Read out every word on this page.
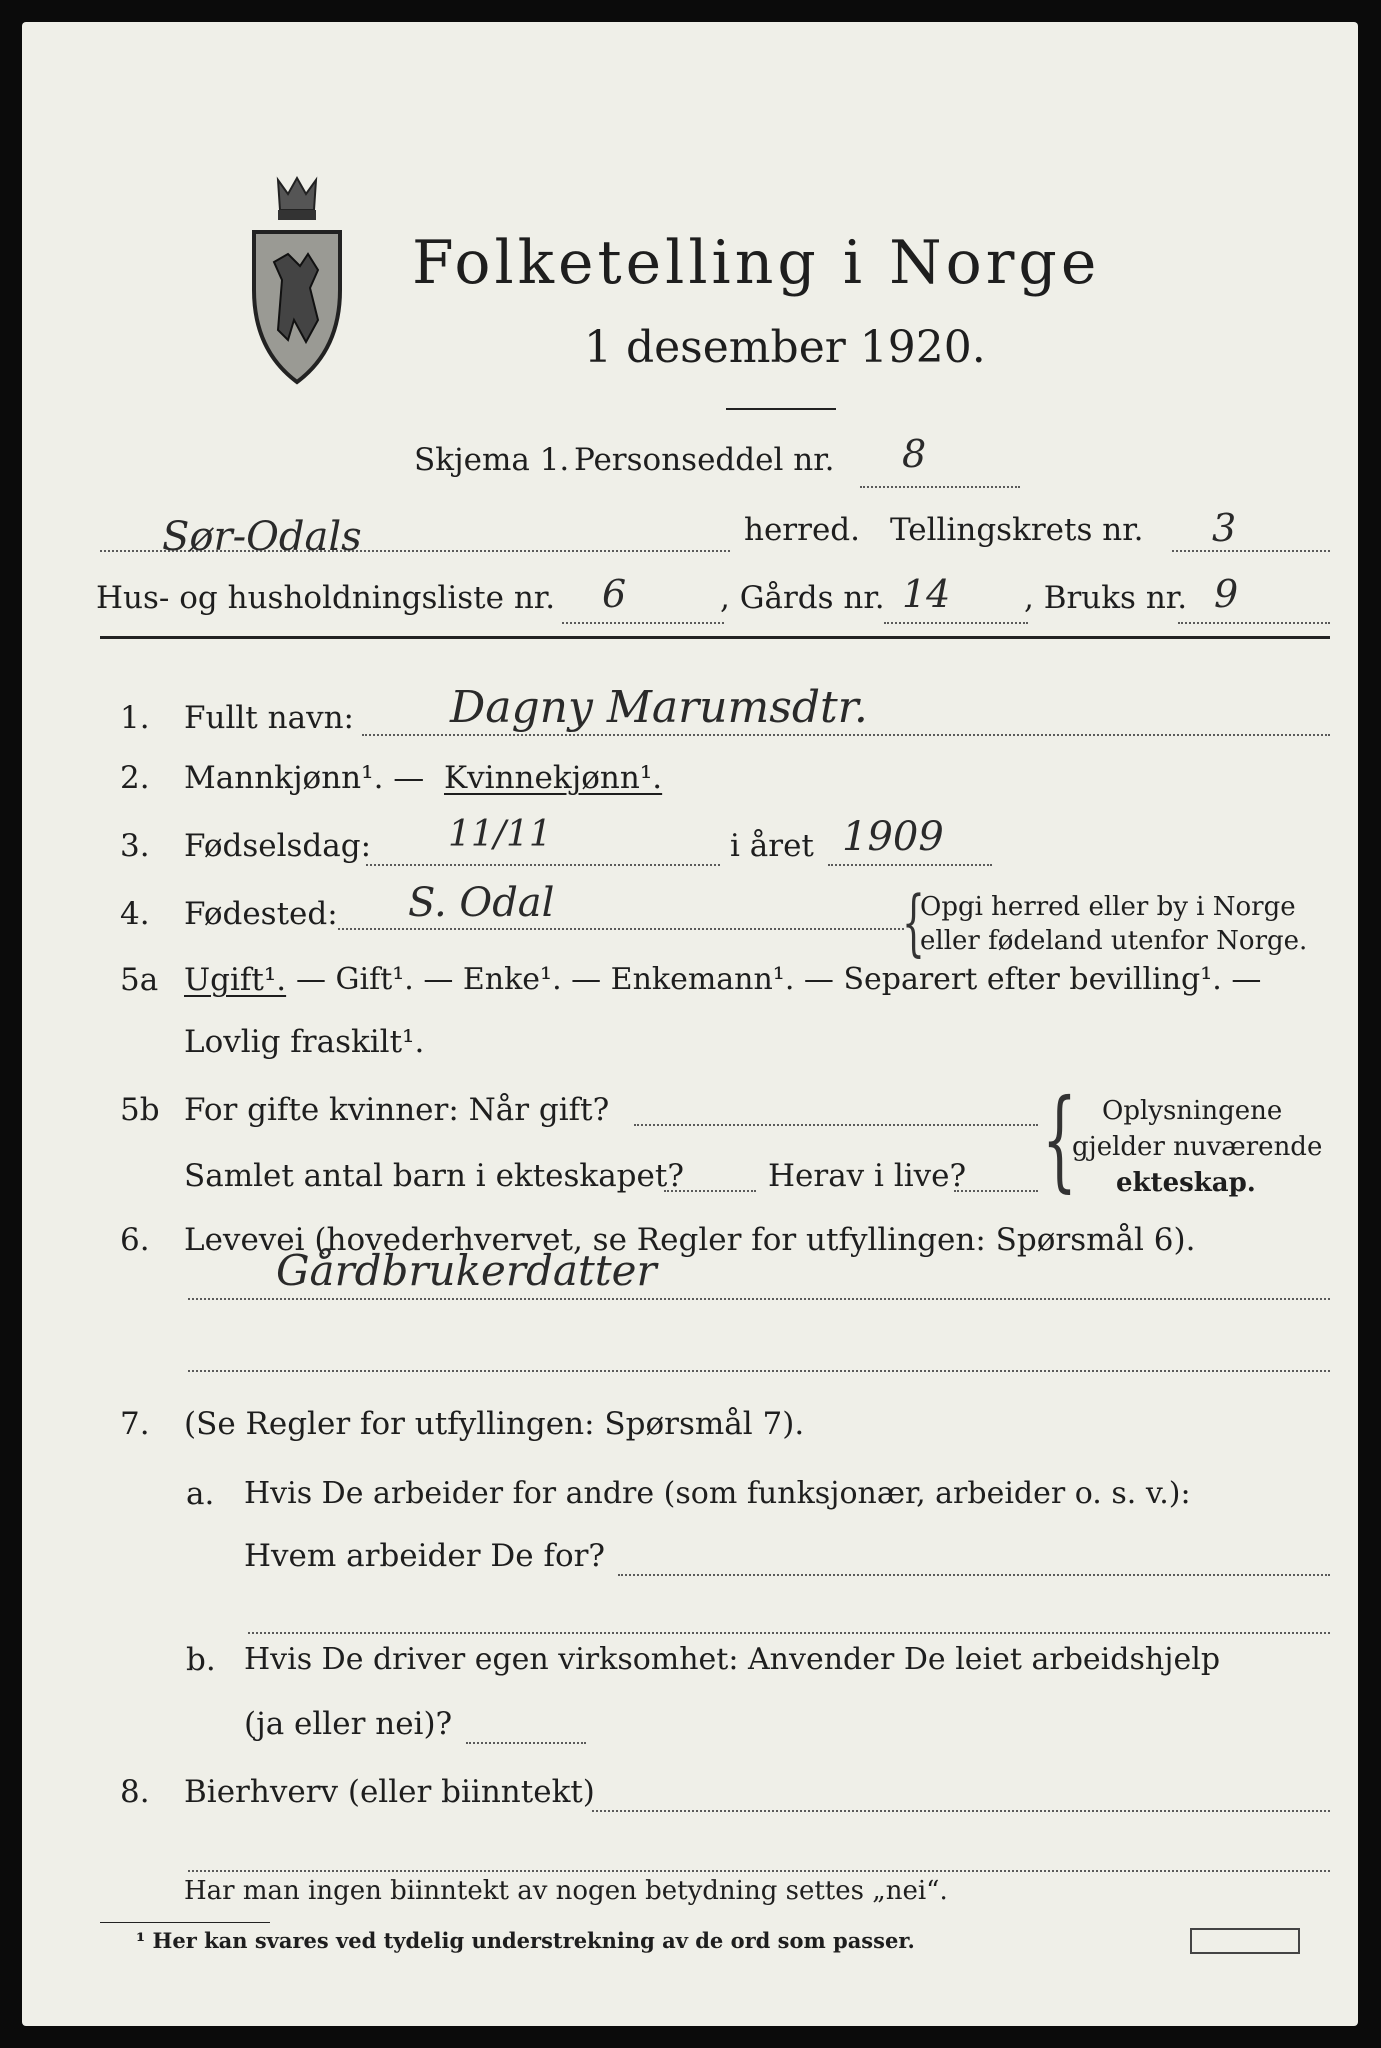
Folketelling i Norge
1 desember 1920.
Skjema 1. Personseddel nr. 8
Sør-Odals	herred. Tellingskrets nr. 3
Hus- og husholdningsliste nr. 6	, Gårds nr. 14 , Bruks nr. 9
1. Fullt navn: Dagny Marumsdtr.
2. Mannkjønn¹. — Kvinnekjønn¹.
3. Fødselsdag: 11/11	i året 1909
4. Fødested: S. Odal	{
Opgi herred eller by i Norge
eller fødeland utenfor Norge.
5a Ugift¹. — Gift¹. — Enke¹. — Enkemann¹. — Separert efter bevilling¹. —
Lovlig fraskilt¹.
5b For gifte kvinner: Når gift?
Samlet antal barn i ekteskapet?	Herav i live? { Oplysningene
gjelder nuværende
ekteskap.
6. Levevei (hovederhvervet, se Regler for utfyllingen: Spørsmål 6).
Gårdbrukerdatter
7. (Se Regler for utfyllingen: Spørsmål 7).
a. Hvis De arbeider for andre (som funksjonær, arbeider o. s. v.):
Hvem arbeider De for?
b. Hvis De driver egen virksomhet: Anvender De leiet arbeidshjelp
(ja eller nei)?
8. Bierhverv (eller biinntekt)
Har man ingen biinntekt av nogen betydning settes „nei“.
¹ Her kan svares ved tydelig understrekning av de ord som passer.
